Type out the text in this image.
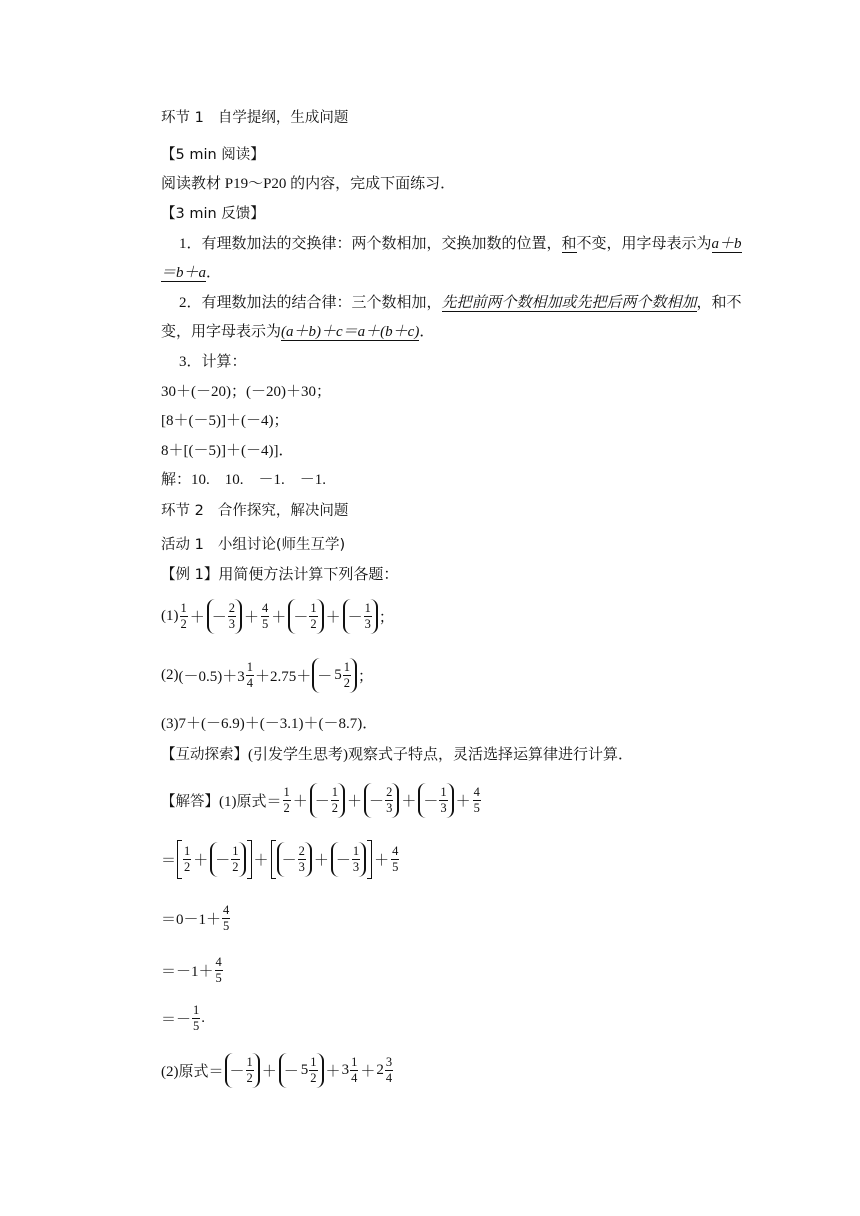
环节 1 自学提纲，生成问题
【5 min 阅读】
阅读教材 P19～P20 的内容，完成下面练习．
【3 min 反馈】
1．有理数加法的交换律：两个数相加，交换加数的位置，和不变，用字母表示为a＋b
＝b＋a．
2．有理数加法的结合律：三个数相加，先把前两个数相加或先把后两个数相加，和不
变，用字母表示为(a＋b)＋c＝a＋(b＋c)．
3．计算：
30＋(－20)；(－20)＋30；
[8＋(－5)]＋(－4)；
8＋[(－5)]＋(－4)]．
解：10.　10.　－1.　－1.
环节 2 合作探究，解决问题
活动 1 小组讨论(师生互学)
【例 1】用简便方法计算下列各题：
$(1) \frac{1}{2}$ ＋ － $\frac{2}{3} + \frac{4}{5}$ ＋ － $\frac{1}{2}$ ＋ － $\frac{1}{3}$ ；
(2) $(-0.5)+3 \frac{1}{4} +2.75+ - 5 \frac{1}{2}$ ；
(3)7＋(－6.9)＋(－3.1)＋(－8.7)．
【互动探索】(引发学生思考)观察式子特点，灵活选择运算律进行计算．
【解答】 (1)原式＝ $\frac{1}{2}$ ＋ － $\frac{1}{2}$ ＋ － $\frac{2}{3}$ ＋ － $\frac{1}{3} + \frac{4}{5}$
＝ $\frac{1}{2}$ ＋ － $\frac{1}{2}$ ＋ － $\frac{2}{3}$ ＋ － $\frac{1}{3} + \frac{4}{5}$
$=0-1+ \frac{4}{5}$
$=-1+ \frac{4}{5}$
＝－ $\frac{1}{5}$ .
(2)原式＝ － $\frac{1}{2}$ ＋ － $5 \frac{1}{2} + 3 \frac{1}{4} + 2 \frac{3}{4}$
